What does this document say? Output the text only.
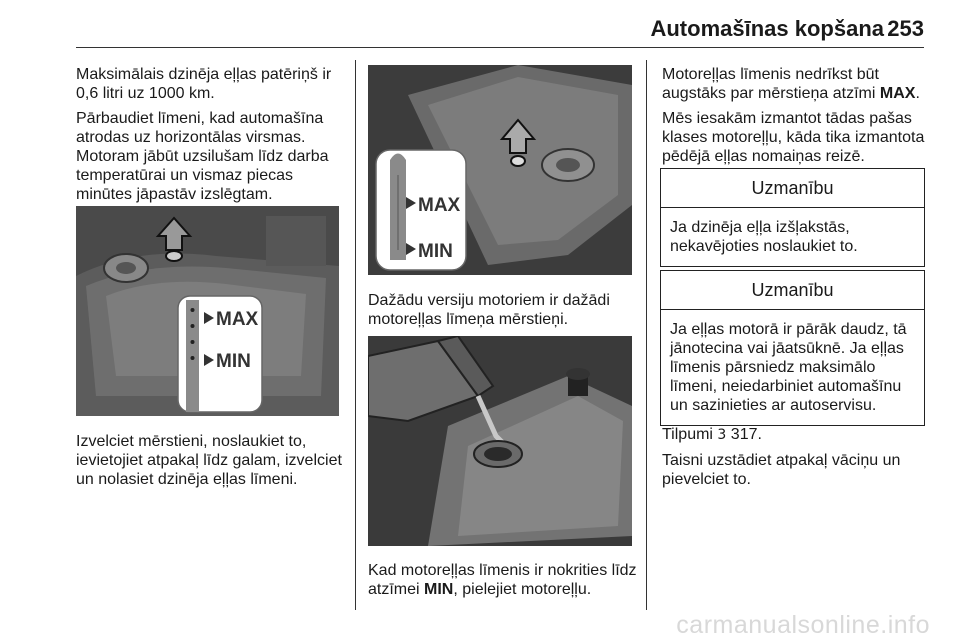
Automašīnas kopšana 253

Maksimālais dzinēja eļļas patēriņš ir 0,6 litri uz 1000 km.

Pārbaudiet līmeni, kad automašīna atrodas uz horizontālas virsmas. Motoram jābūt uzsilušam līdz darba temperatūrai un vismaz piecas minūtes jāpastāv izslēgtam.

MAX
MIN

Izvelciet mērstieni, noslaukiet to, ievietojiet atpakaļ līdz galam, izvelciet un nolasiet dzinēja eļļas līmeni.

MAX
MIN

Dažādu versiju motoriem ir dažādi motoreļļas līmeņa mērstieņi.

Kad motoreļļas līmenis ir nokrities līdz atzīmei MIN, pielejiet motoreļļu.

Motoreļļas līmenis nedrīkst būt augstāks par mērstieņa atzīmi MAX.

Mēs iesakām izmantot tādas pašas klases motoreļļu, kāda tika izmantota pēdējā eļļas nomaiņas reizē.

Uzmanību
Ja dzinēja eļļa izšļakstās, nekavējoties noslaukiet to.
Uzmanību
Ja eļļas motorā ir pārāk daudz, tā jānotecina vai jāatsūknē. Ja eļļas līmenis pārsniedz maksimālo līmeni, neiedarbiniet automašīnu un sazinieties ar autoservisu.

Tilpumi 3 317.

Taisni uzstādiet atpakaļ vāciņu un pievelciet to.

carmanualsonline.info
